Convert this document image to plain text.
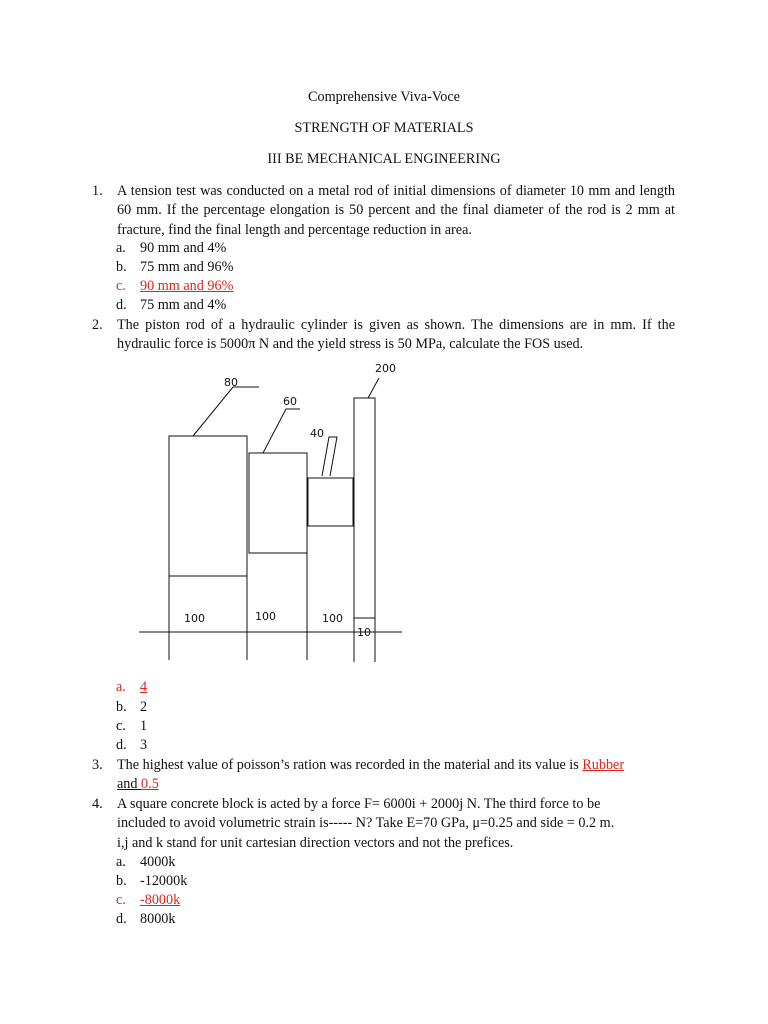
Comprehensive Viva-Voce
STRENGTH OF MATERIALS
III BE MECHANICAL ENGINEERING
1. A tension test was conducted on a metal rod of initial dimensions of diameter 10 mm and length 60 mm. If the percentage elongation is 50 percent and the final diameter of the rod is 2 mm at fracture, find the final length and percentage reduction in area.
a. 90 mm and 4%
b. 75 mm and 96%
c. 90 mm and 96%
d. 75 mm and 4%
2. The piston rod of a hydraulic cylinder is given as shown. The dimensions are in mm. If the hydraulic force is 5000π N and the yield stress is 50 MPa, calculate the FOS used.
80
60
40
200
100	100	100
10
a. 4
b. 2
c. 1
d. 3
3. The highest value of poisson’s ration was recorded in the material and its value is Rubber
and 0.5
4. A square concrete block is acted by a force F= 6000i + 2000j N. The third force to be
included to avoid volumetric strain is----- N? Take E=70 GPa, μ=0.25 and side = 0.2 m.
i,j and k stand for unit cartesian direction vectors and not the prefices.
a. 4000k
b. -12000k
c. -8000k
d. 8000k
